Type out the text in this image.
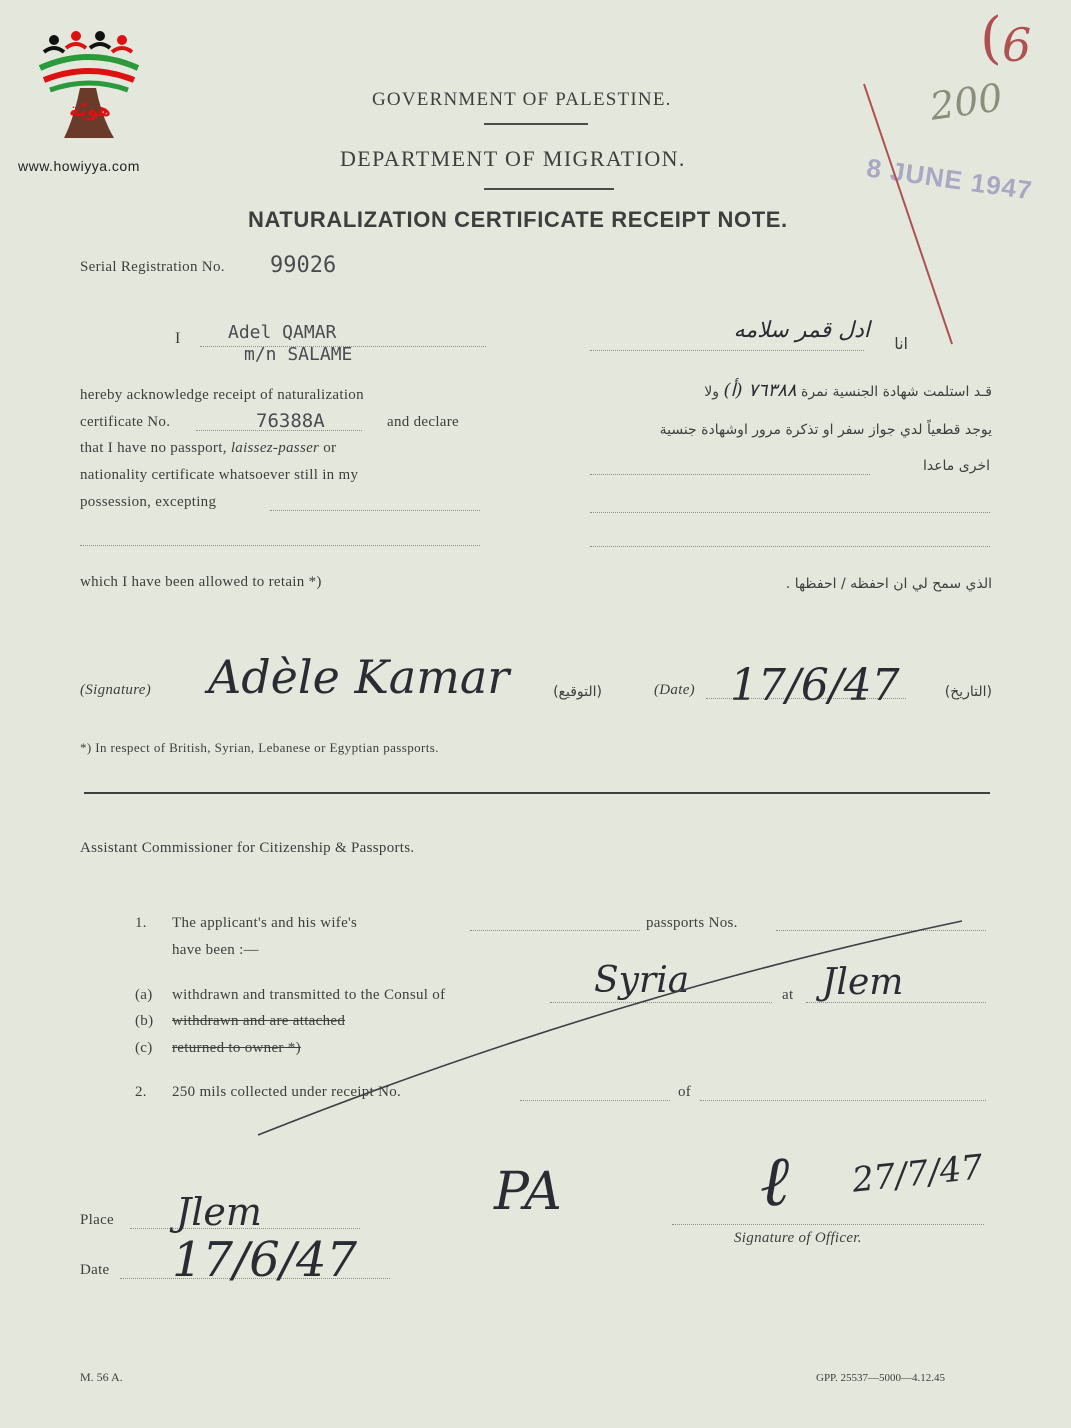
هويّة
www.howiyya.com
( 6
200
8 JUNE 1947
GOVERNMENT OF PALESTINE.
DEPARTMENT OF MIGRATION.
NATURALIZATION CERTIFICATE RECEIPT NOTE.
Serial Registration No. 99026
I	Adel QAMAR
m/n SALAME
hereby acknowledge receipt of naturalization
certificate No.	76388A	and declare
that I have no passport, laissez-passer or
nationality certificate whatsoever still in my
possession, excepting
which I have been allowed to retain *)
انا
ادل قمر سلامه
قـد استلمت شهادة الجنسية نمرة ٧٦٣٨٨ (أ) ولا
يوجد قطعياً لدي جواز سفر او تذكرة مرور اوشهادة جنسية
اخرى ماعدا
الذي سمح لي ان احفظه / احفظها .
(Signature) Adèle Kamar	(التوقيع)	(Date) 17/6/47	(التاريخ)
*) In respect of British, Syrian, Lebanese or Egyptian passports.
Assistant Commissioner for Citizenship & Passports.
1. The applicant's and his wife's	passports Nos.
have been :—
(a) withdrawn and transmitted to the Consul of	Syria	at Jlem
(b) withdrawn and are attached
(c) returned to owner *)
2. 250 mils collected under receipt No.	of
Place Jlem
Date 17/6/47
PA	ℓ 27/7/47
Signature of Officer.
M. 56 A.	GPP. 25537—5000—4.12.45
